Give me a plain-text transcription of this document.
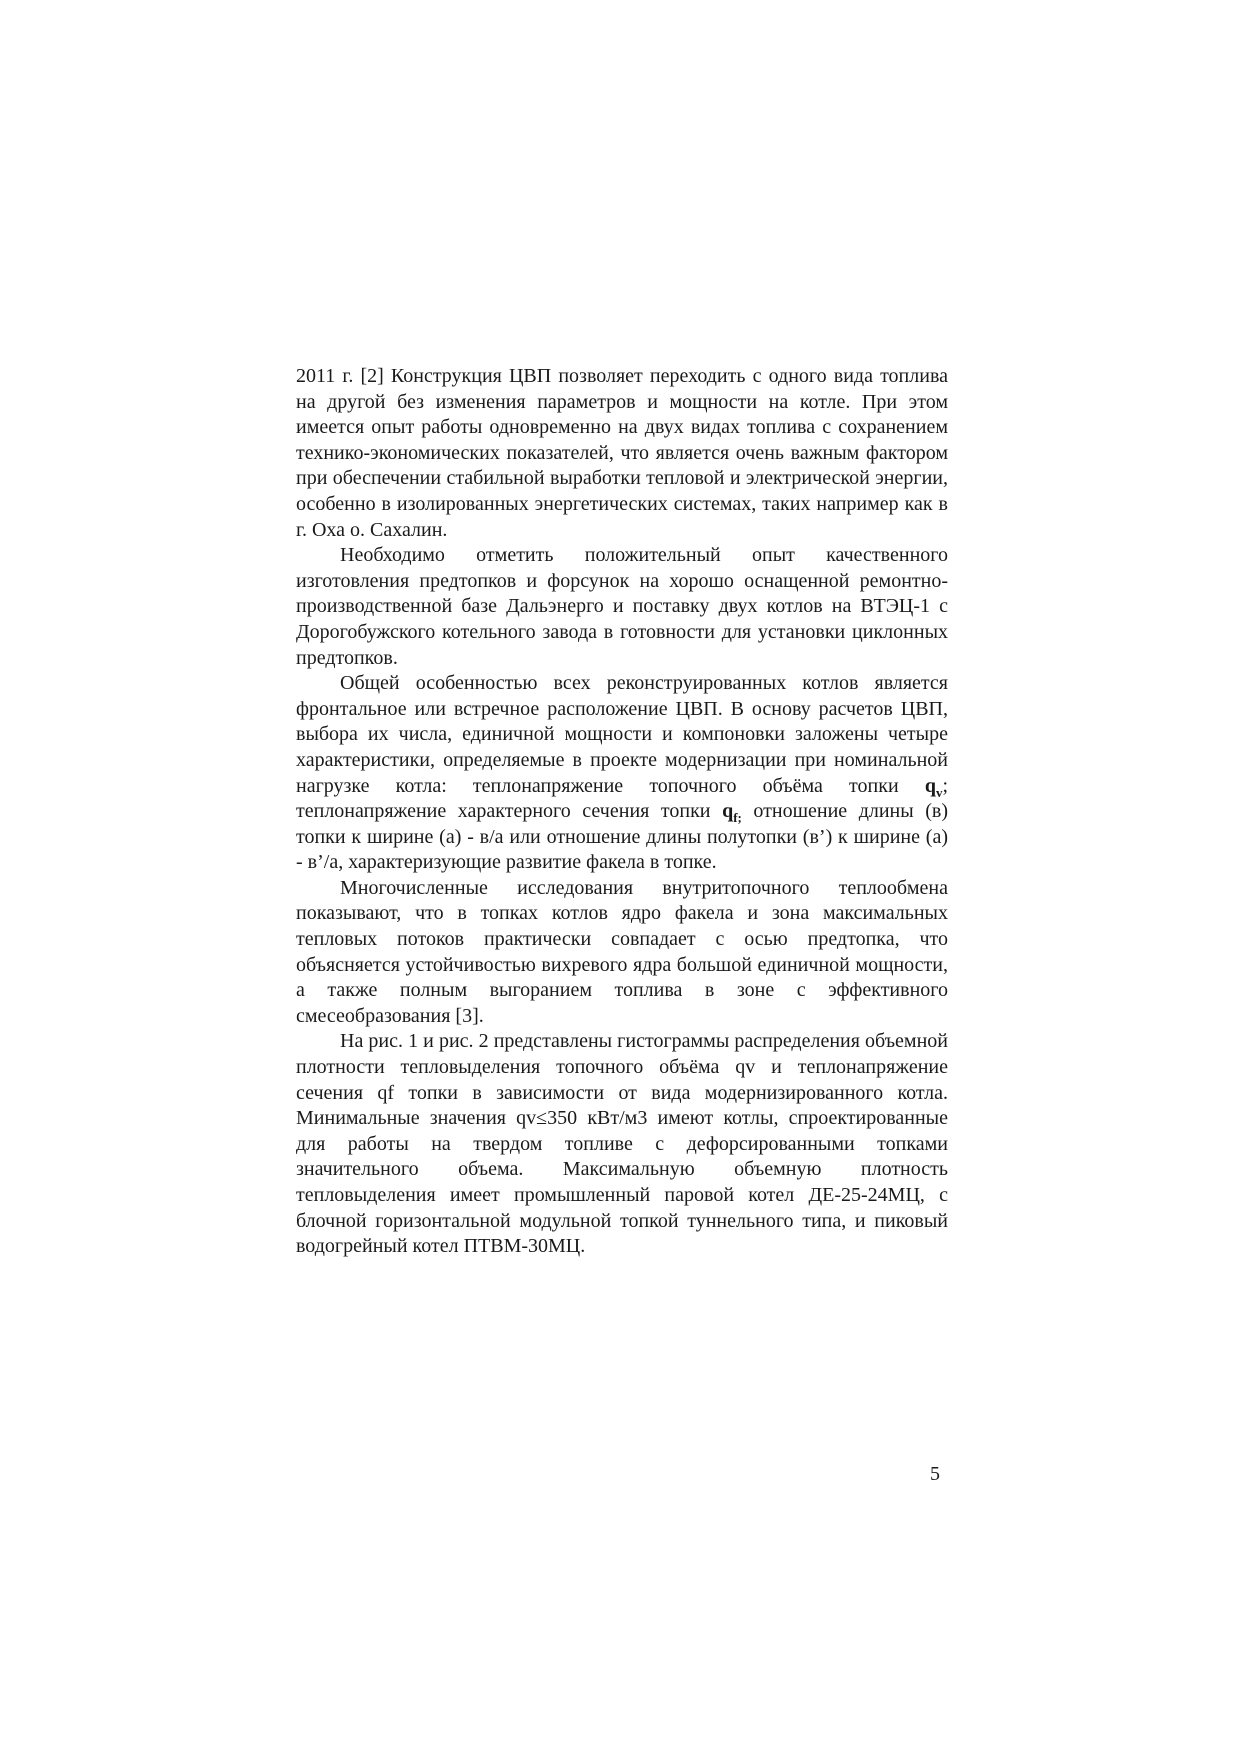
2011 г. [2] Конструкция ЦВП позволяет переходить с одного вида топлива на другой без изменения параметров и мощности на котле. При этом имеется опыт работы одновременно на двух видах топлива с сохранением технико-экономических показателей, что является очень важным фактором при обеспечении стабильной выработки тепловой и электрической энергии, особенно в изолированных энергетических системах, таких например как в г. Оха о. Сахалин.

Необходимо отметить положительный опыт качественного изготовления предтопков и форсунок на хорошо оснащенной ремонтно-производственной базе Дальэнерго и поставку двух котлов на ВТЭЦ-1 с Дорогобужского котельного завода в готовности для установки циклонных предтопков.

Общей особенностью всех реконструированных котлов является фронтальное или встречное расположение ЦВП. В основу расчетов ЦВП, выбора их числа, единичной мощности и компоновки заложены четыре характеристики, определяемые в проекте модернизации при номинальной нагрузке котла: теплонапряжение топочного объёма топки $q_v$; теплонапряжение характерного сечения топки $q_{f;}$ отношение длины (в) топки к ширине (а) - в/а или отношение длины полутопки (в’) к ширине (а) - в’/а, характеризующие развитие факела в топке.

Многочисленные исследования внутритопочного теплообмена показывают, что в топках котлов ядро факела и зона максимальных тепловых потоков практически совпадает с осью предтопка, что объясняется устойчивостью вихревого ядра большой единичной мощности, а также полным выгоранием топлива в зоне с эффективного смесеобразования [3].

На рис. 1 и рис. 2 представлены гистограммы распределения объемной плотности тепловыделения топочного объёма qv и теплонапряжение сечения qf топки в зависимости от вида модернизированного котла. Минимальные значения qv≤350 кВт/м3 имеют котлы, спроектированные для работы на твердом топливе с дефорсированными топками значительного объема. Максимальную объемную плотность тепловыделения имеет промышленный паровой котел ДЕ-25-24МЦ, с блочной горизонтальной модульной топкой туннельного типа, и пиковый водогрейный котел ПТВМ-30МЦ.

5
